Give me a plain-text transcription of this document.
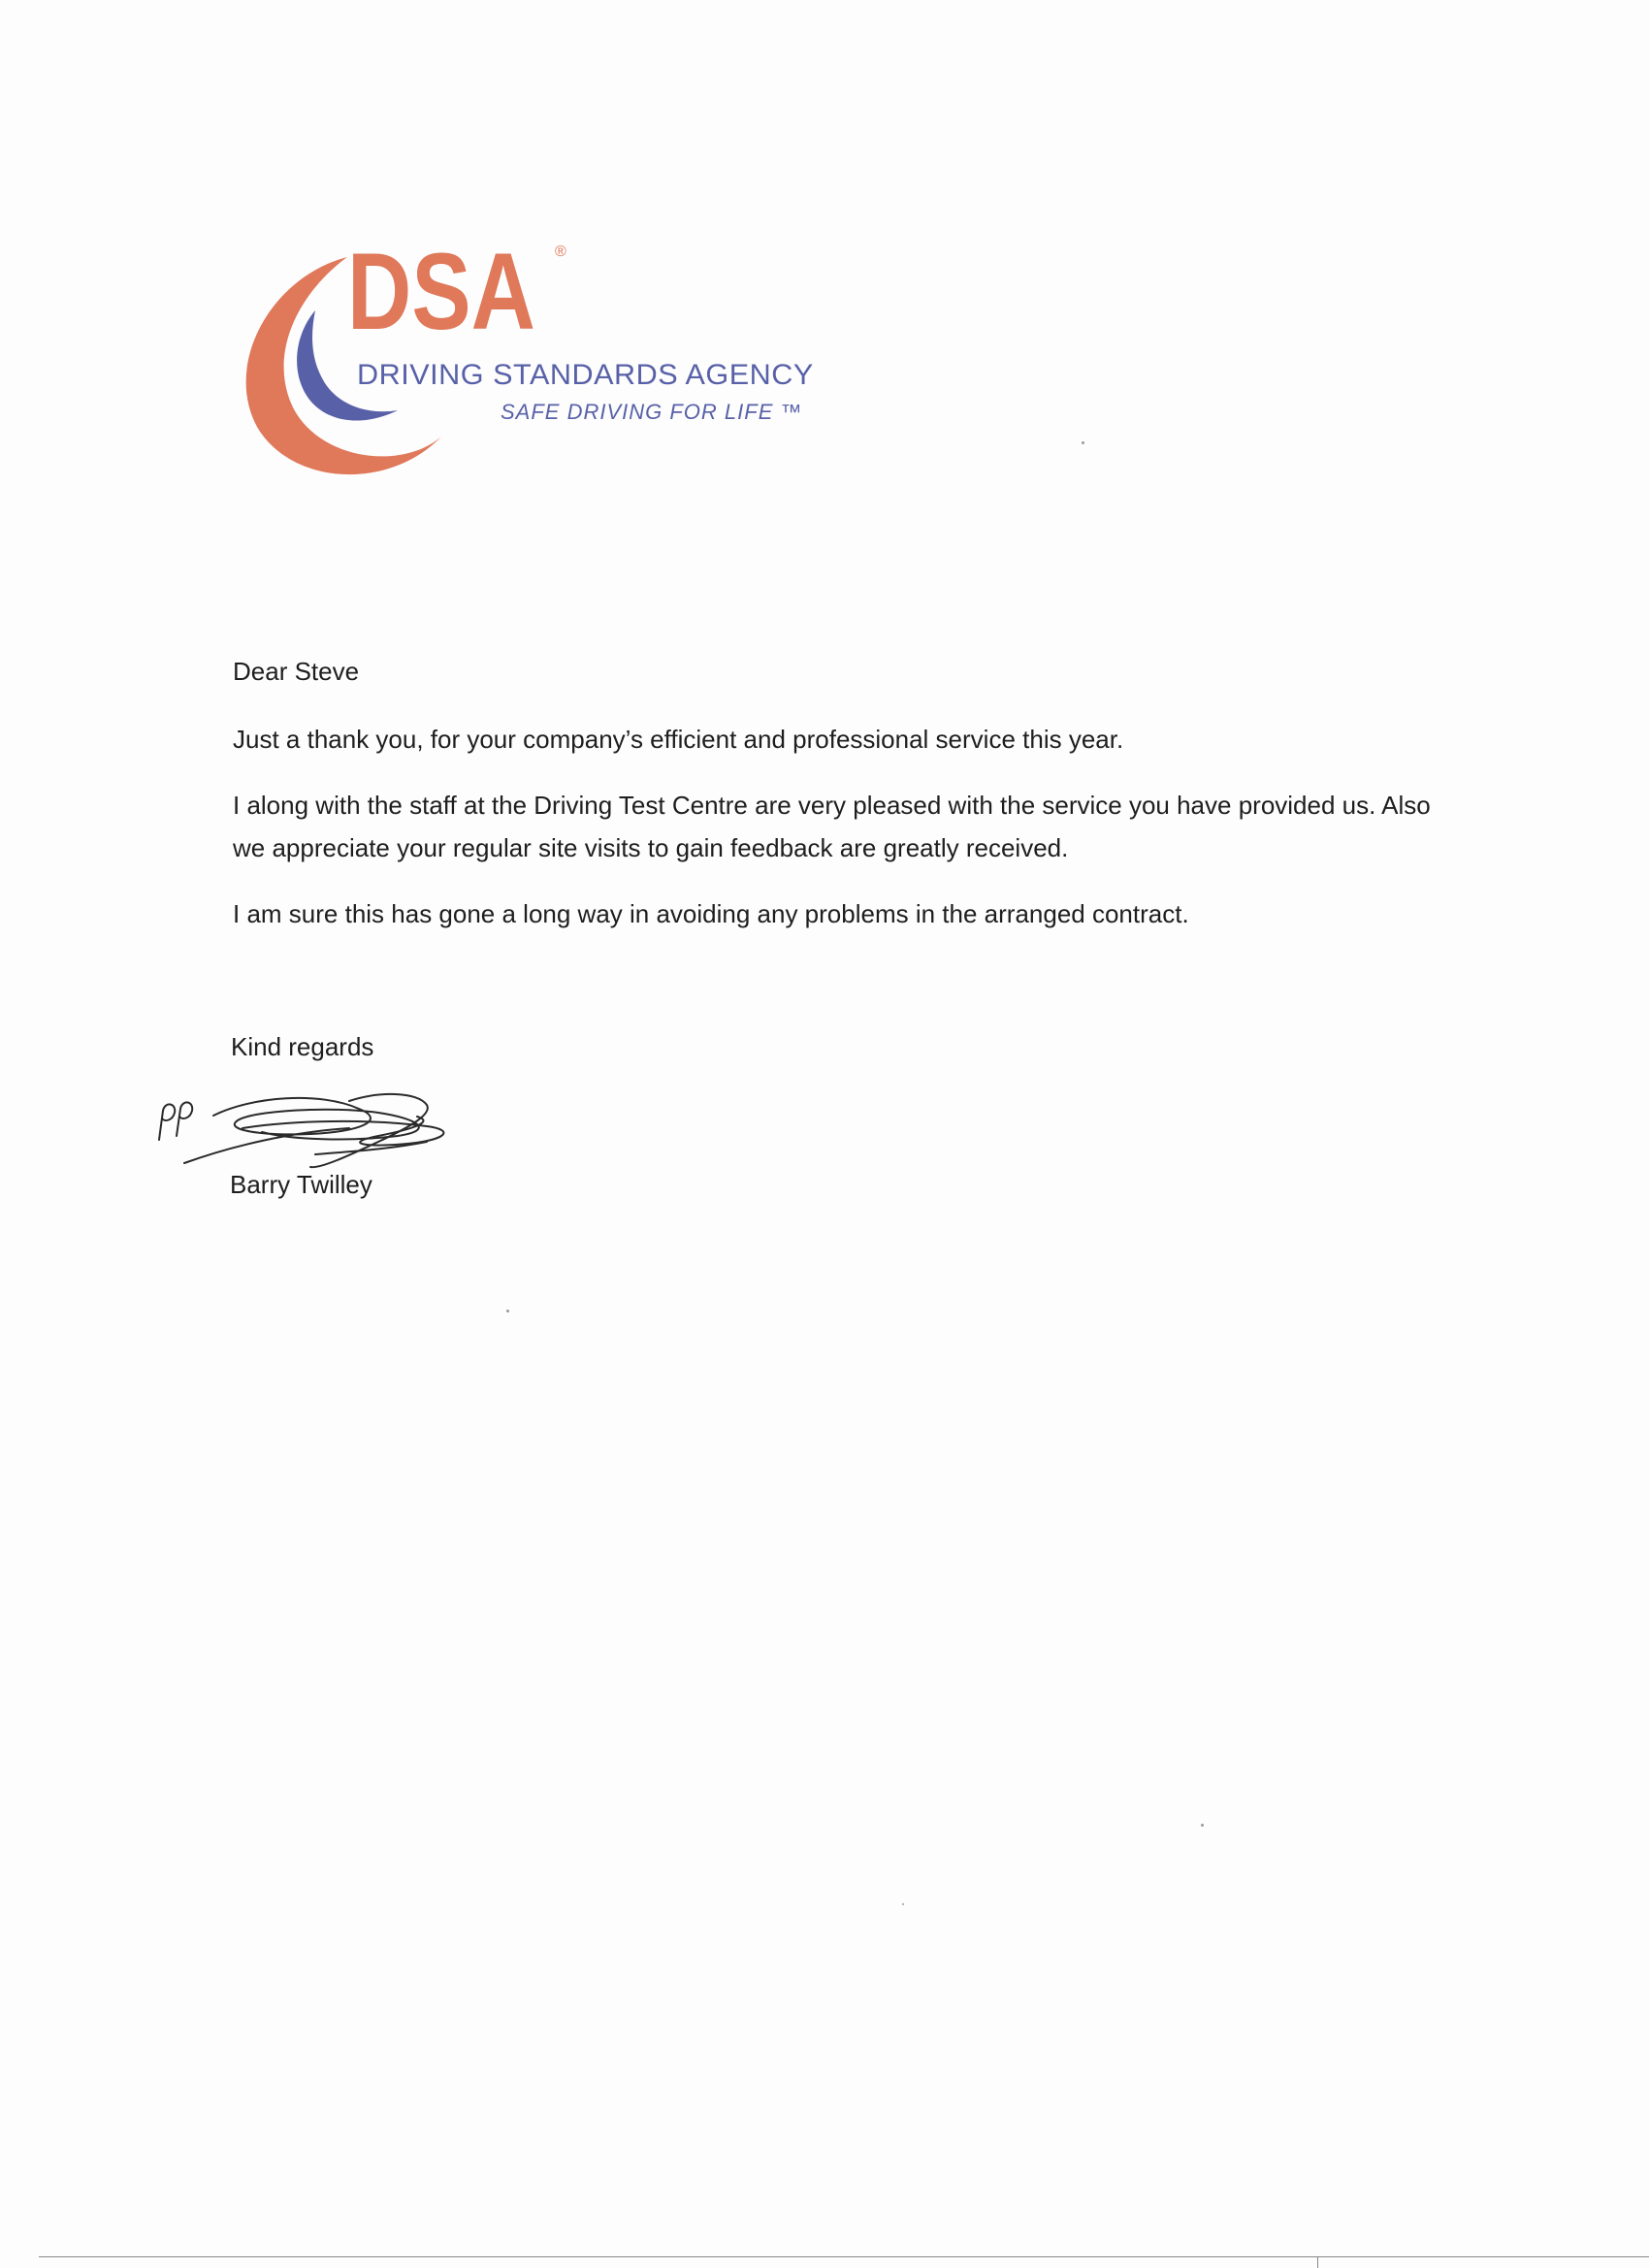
DSA ®
DRIVING STANDARDS AGENCY
SAFE DRIVING FOR LIFE ™

Dear Steve

Just a thank you, for your company’s efficient and professional service this year.

I along with the staff at the Driving Test Centre are very pleased with the service you have provided us. Also we appreciate your regular site visits to gain feedback are greatly received.

I am sure this has gone a long way in avoiding any problems in the arranged contract.

Kind regards
Barry Twilley
